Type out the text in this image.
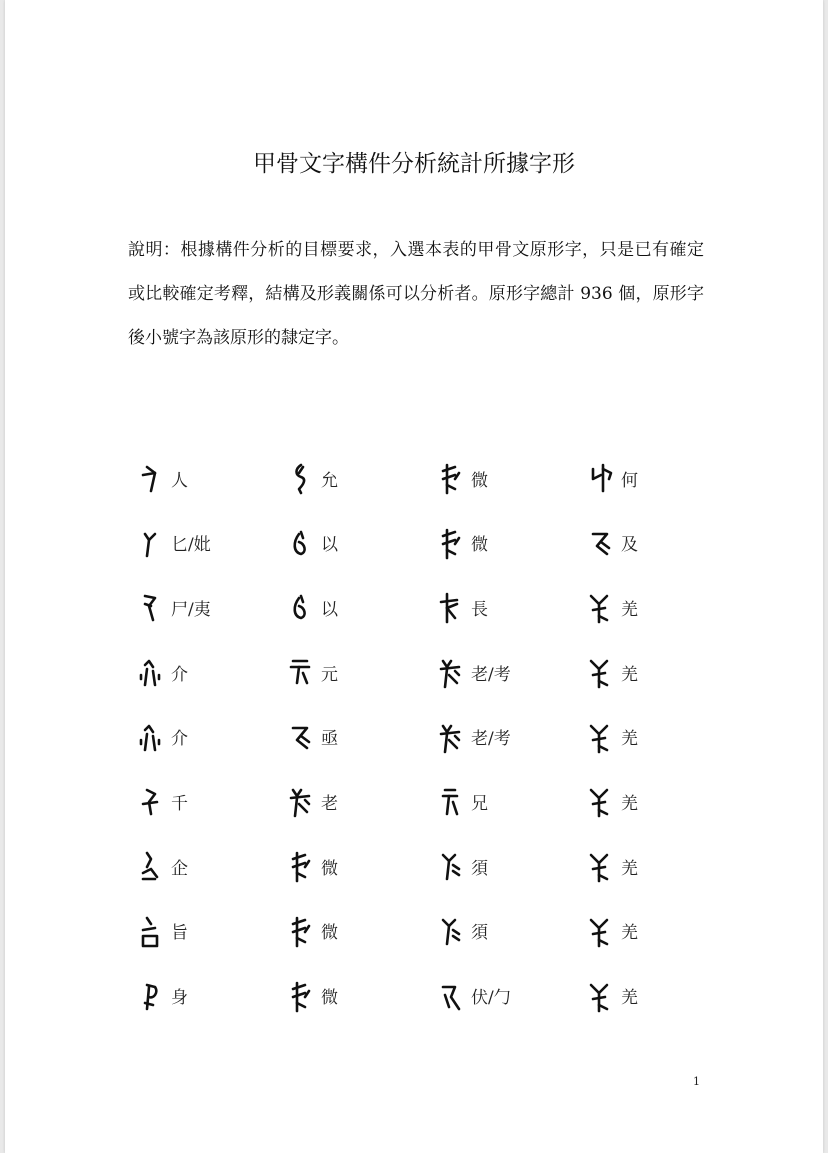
甲骨文字構件分析統計所據字形

說明：根據構件分析的目標要求，入選本表的甲骨文原形字，只是已有確定或比較確定考釋，結構及形義關係可以分析者。原形字總計 936 個，原形字後小號字為該原形的隸定字。

人	允	微	何
匕/妣	以	微	及
尸/夷	以	長	羌
介	元	老/考	羌
介	亟	老/考	羌
千	老	兄	羌
企	微	須	羌
旨	微	須	羌
身	微	伏/勹	羌
1
